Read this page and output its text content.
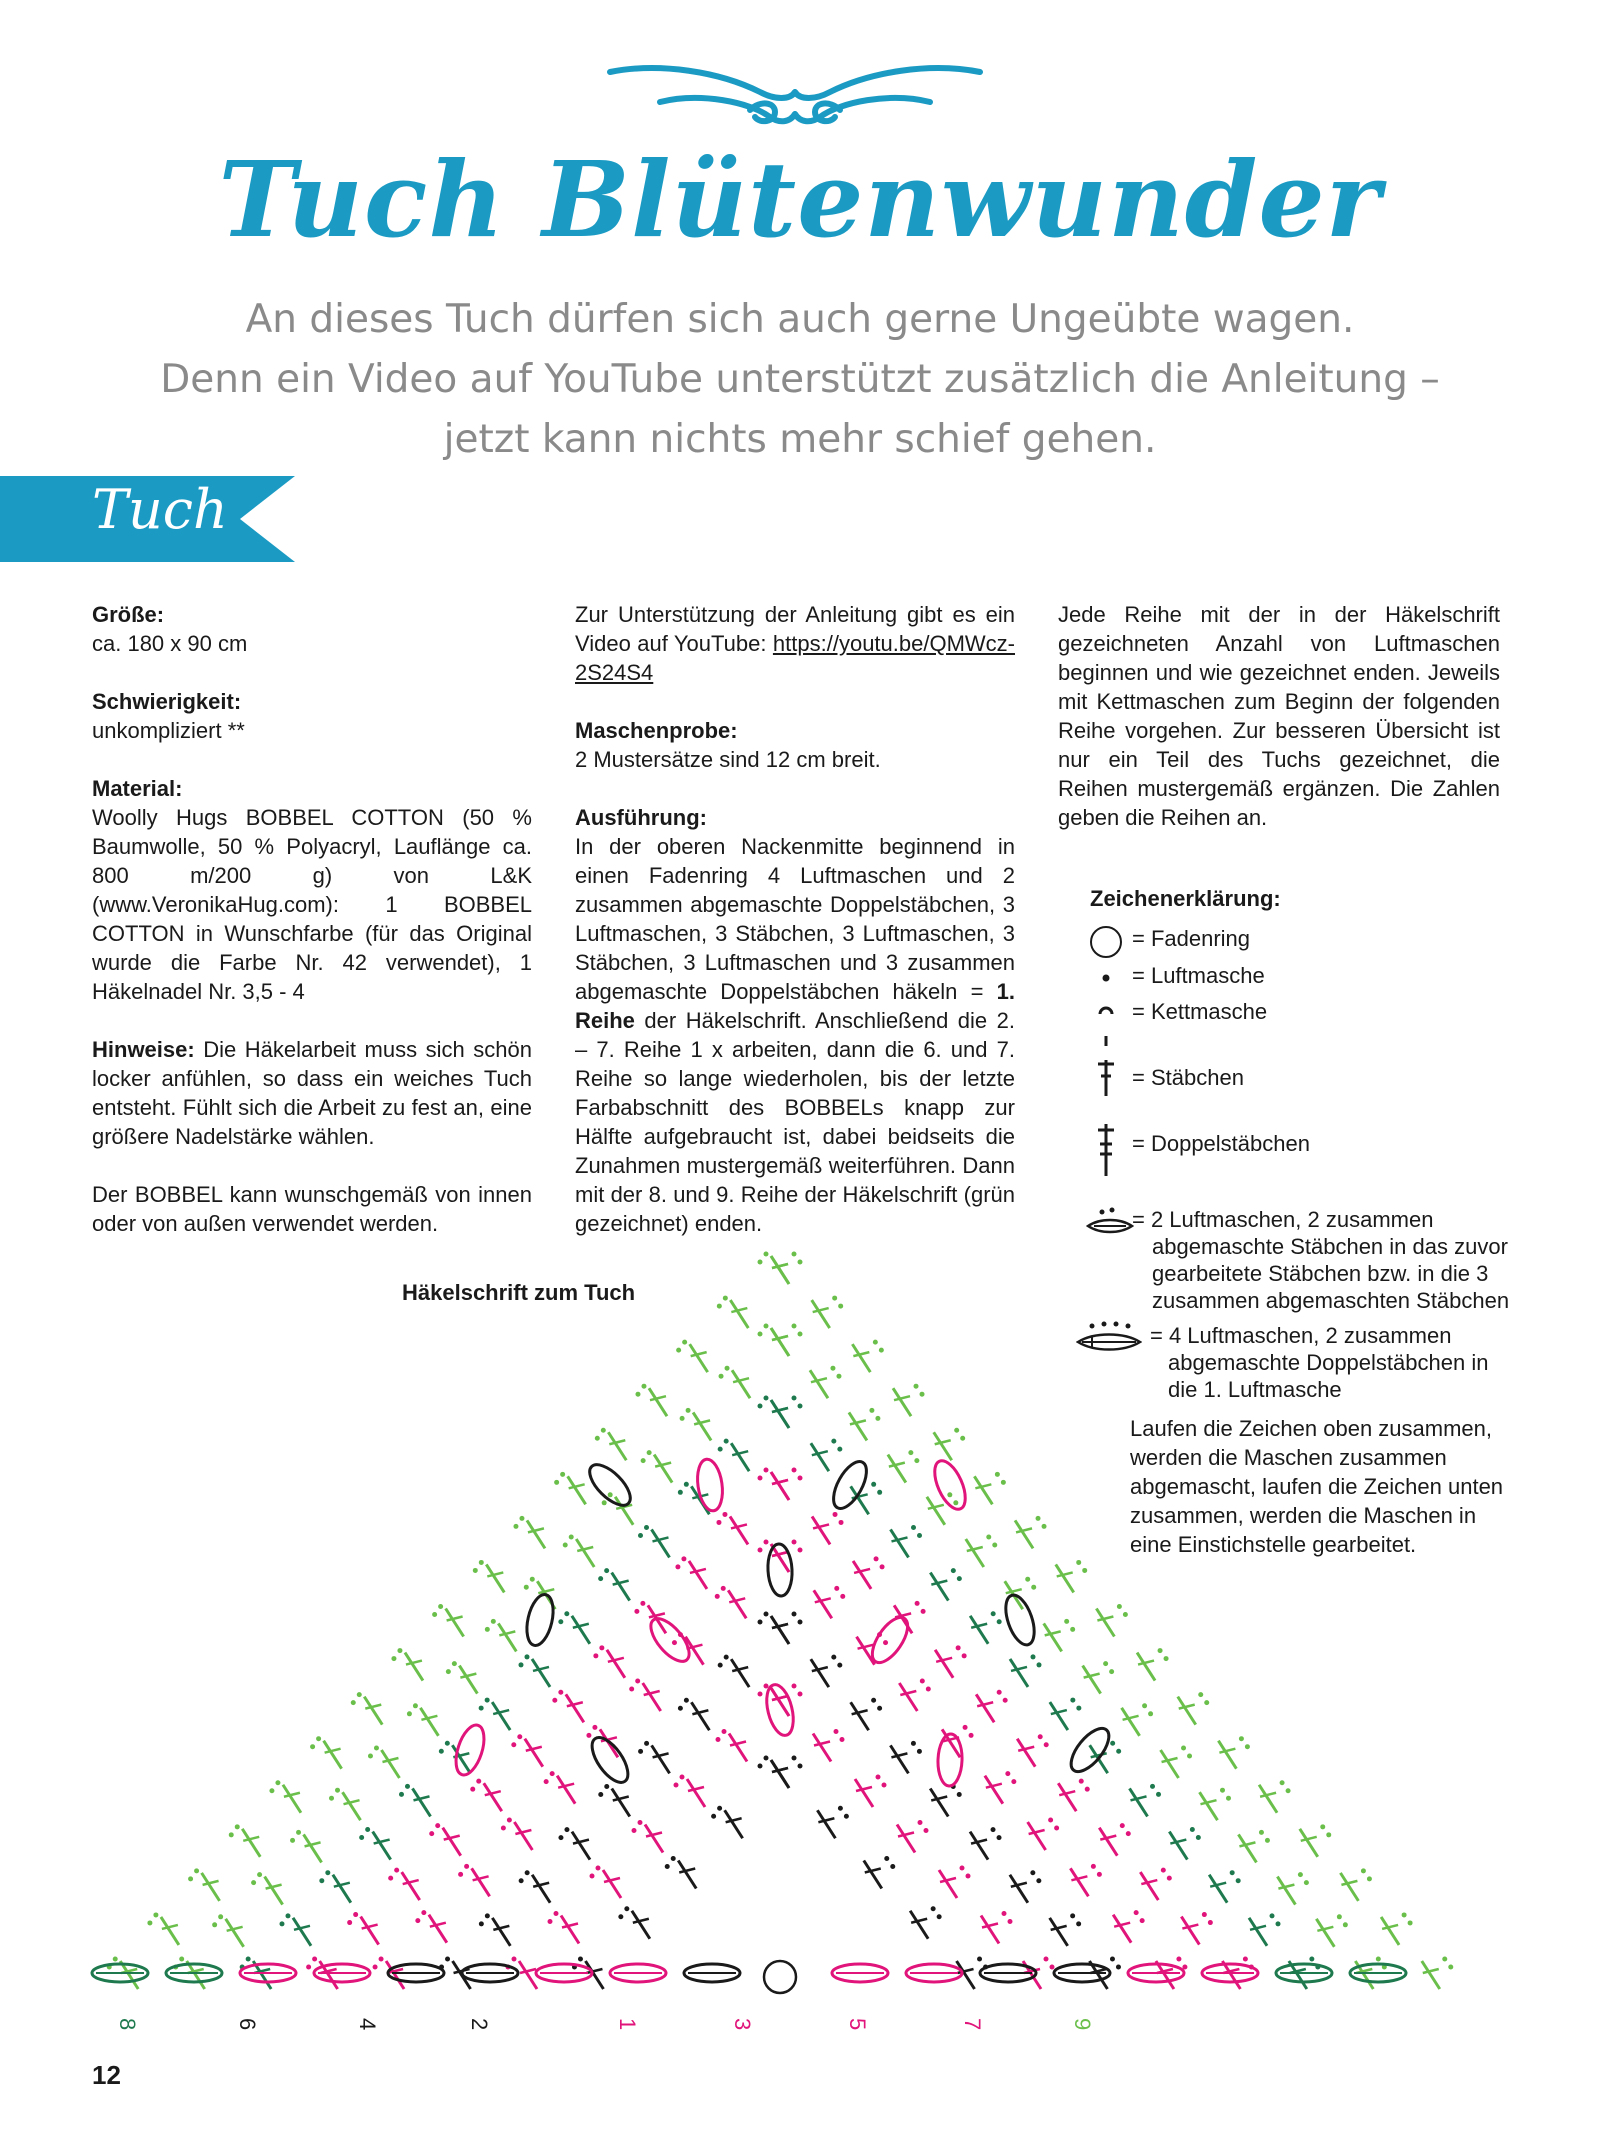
Tuch Blütenwunder
An dieses Tuch dürfen sich auch gerne Ungeübte wagen.
Denn ein Video auf YouTube unterstützt zusätzlich die Anleitung –
jetzt kann nichts mehr schief gehen.
Tuch

Größe:
ca. 180 x 90 cm

Schwierigkeit:
unkompliziert **

Material:
Woolly Hugs BOBBEL COTTON (50 % Baumwolle, 50 % Polyacryl, Lauflänge ca. 800 m/200 g) von L&K (www.VeronikaHug.com): 1 BOBBEL COTTON in Wunschfarbe (für das Original wurde die Farbe Nr. 42 verwendet), 1 Häkelnadel Nr. 3,5 - 4

Hinweise: Die Häkelarbeit muss sich schön locker anfühlen, so dass ein weiches Tuch entsteht. Fühlt sich die Arbeit zu fest an, eine größere Nadelstärke wählen.

Der BOBBEL kann wunschgemäß von innen oder von außen verwendet werden.

Zur Unterstützung der Anleitung gibt es ein Video auf YouTube: https://youtu.be/QMWcz-2S24S4

Maschenprobe:
2 Mustersätze sind 12 cm breit.

Ausführung:
In der oberen Nackenmitte beginnend in einen Fadenring 4 Luftmaschen und 2 zusammen abgemaschte Doppelstäbchen, 3 Luftmaschen, 3 Stäbchen, 3 Luftmaschen, 3 Stäbchen, 3 Luftmaschen und 3 zusammen abgemaschte Doppelstäbchen häkeln = 1. Reihe der Häkelschrift. Anschließend die 2. – 7. Reihe 1 x arbeiten, dann die 6. und 7. Reihe so lange wiederholen, bis der letzte Farbabschnitt des BOBBELs knapp zur Hälfte aufgebraucht ist, dabei beidseits die Zunahmen mustergemäß weiterführen. Dann mit der 8. und 9. Reihe der Häkelschrift (grün gezeichnet) enden.

Jede Reihe mit der in der Häkelschrift gezeichneten Anzahl von Luftmaschen beginnen und wie gezeichnet enden. Jeweils mit Kettmaschen zum Beginn der folgenden Reihe vorgehen. Zur besseren Übersicht ist nur ein Teil des Tuchs gezeichnet, die Reihen mustergemäß ergänzen. Die Zahlen geben die Reihen an.

Zeichenerklärung:
= Fadenring
= Luftmasche
= Kettmasche
= Stäbchen
= Doppelstäbchen
= 2 Luftmaschen, 2 zusammen abgemaschte Stäbchen in das zuvor gearbeitete Stäbchen bzw. in die 3 zusammen abgemaschten Stäbchen
= 4 Luftmaschen, 2 zusammen abgemaschte Doppelstäbchen in die 1. Luftmasche
Laufen die Zeichen oben zusammen, werden die Maschen zusammen abgemascht, laufen die Zeichen unten zusammen, werden die Maschen in eine Einstichstelle gearbeitet.
8	6	4	2	1	3	5	7	9
Häkelschrift zum Tuch
12
